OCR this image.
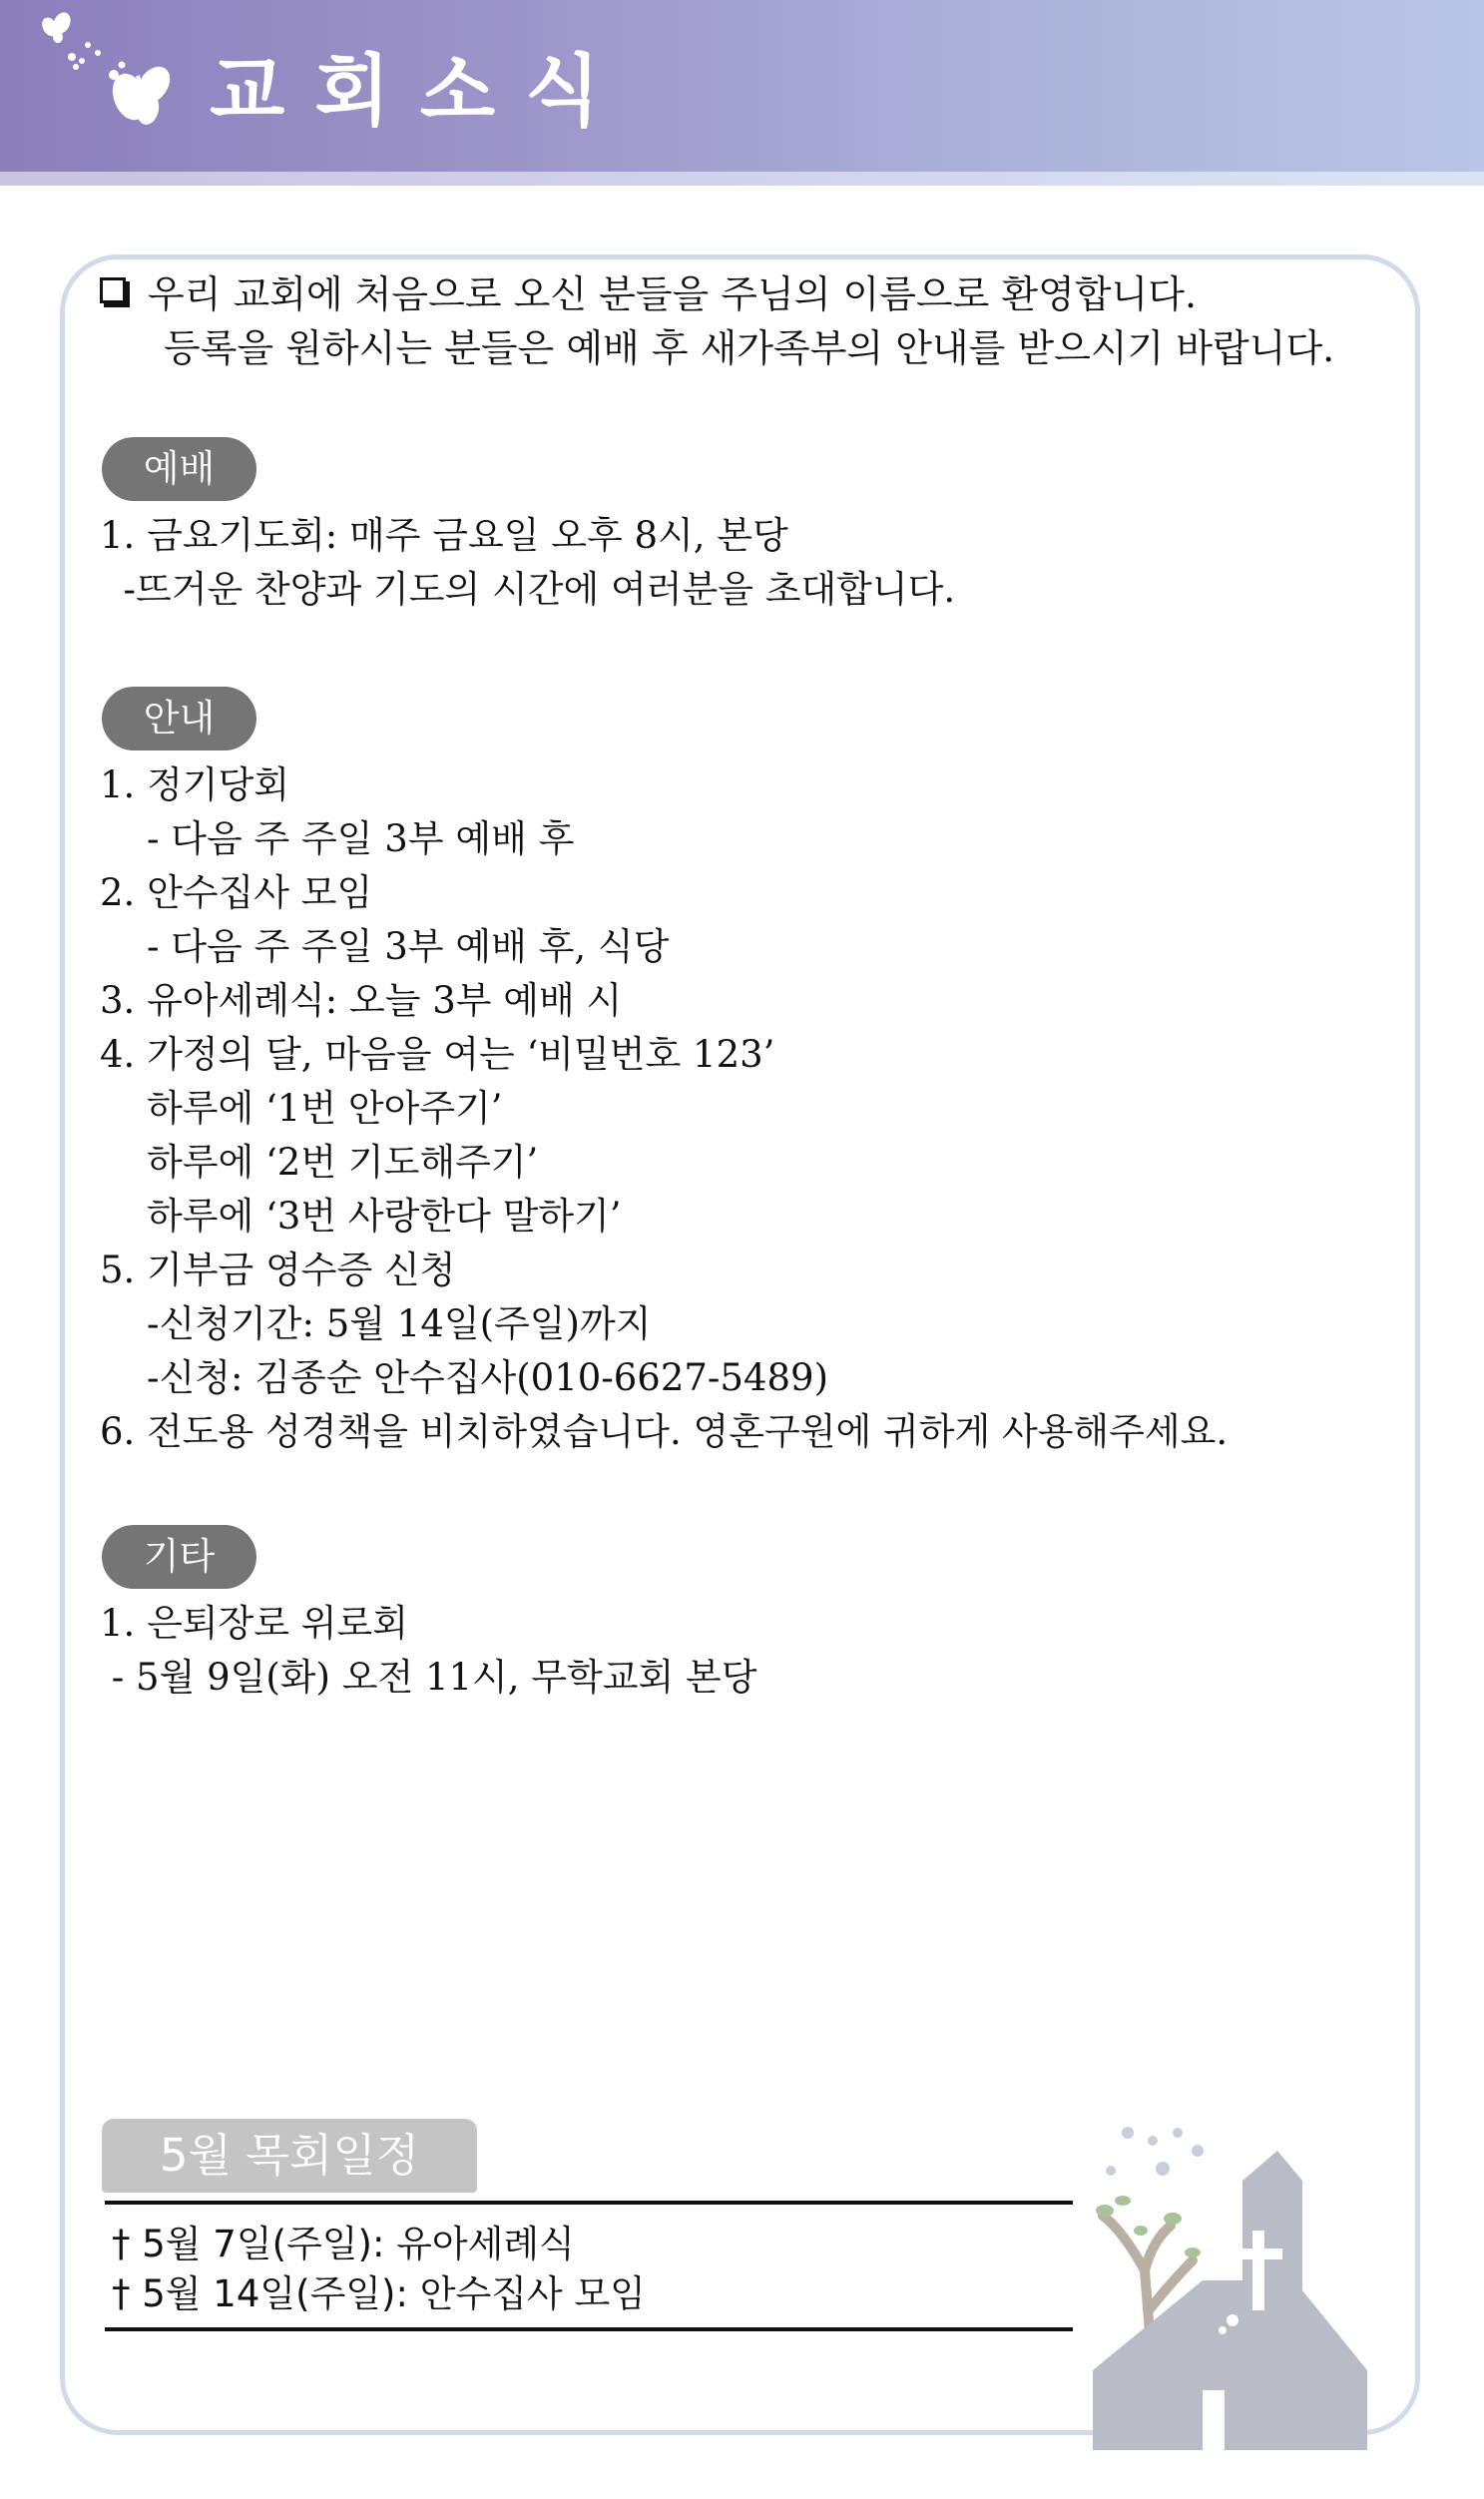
교회소식
우리 교회에 처음으로 오신 분들을 주님의 이름으로 환영합니다.
등록을 원하시는 분들은 예배 후 새가족부의 안내를 받으시기 바랍니다.
예배
1. 금요기도회: 매주 금요일 오후 8시, 본당
-뜨거운 찬양과 기도의 시간에 여러분을 초대합니다.
안내
1. 정기당회
- 다음 주 주일 3부 예배 후
2. 안수집사 모임
- 다음 주 주일 3부 예배 후, 식당
3. 유아세례식: 오늘 3부 예배 시
4. 가정의 달, 마음을 여는 ‘비밀번호 123’
하루에 ‘1번 안아주기’
하루에 ‘2번 기도해주기’
하루에 ‘3번 사랑한다 말하기’
5. 기부금 영수증 신청
-신청기간: 5월 14일(주일)까지
-신청: 김종순 안수집사(010-6627-5489)
6. 전도용 성경책을 비치하였습니다. 영혼구원에 귀하게 사용해주세요.
기타
1. 은퇴장로 위로회
- 5월 9일(화) 오전 11시, 무학교회 본당
5월 목회일정
† 5월 7일(주일): 유아세례식
† 5월 14일(주일): 안수집사 모임
